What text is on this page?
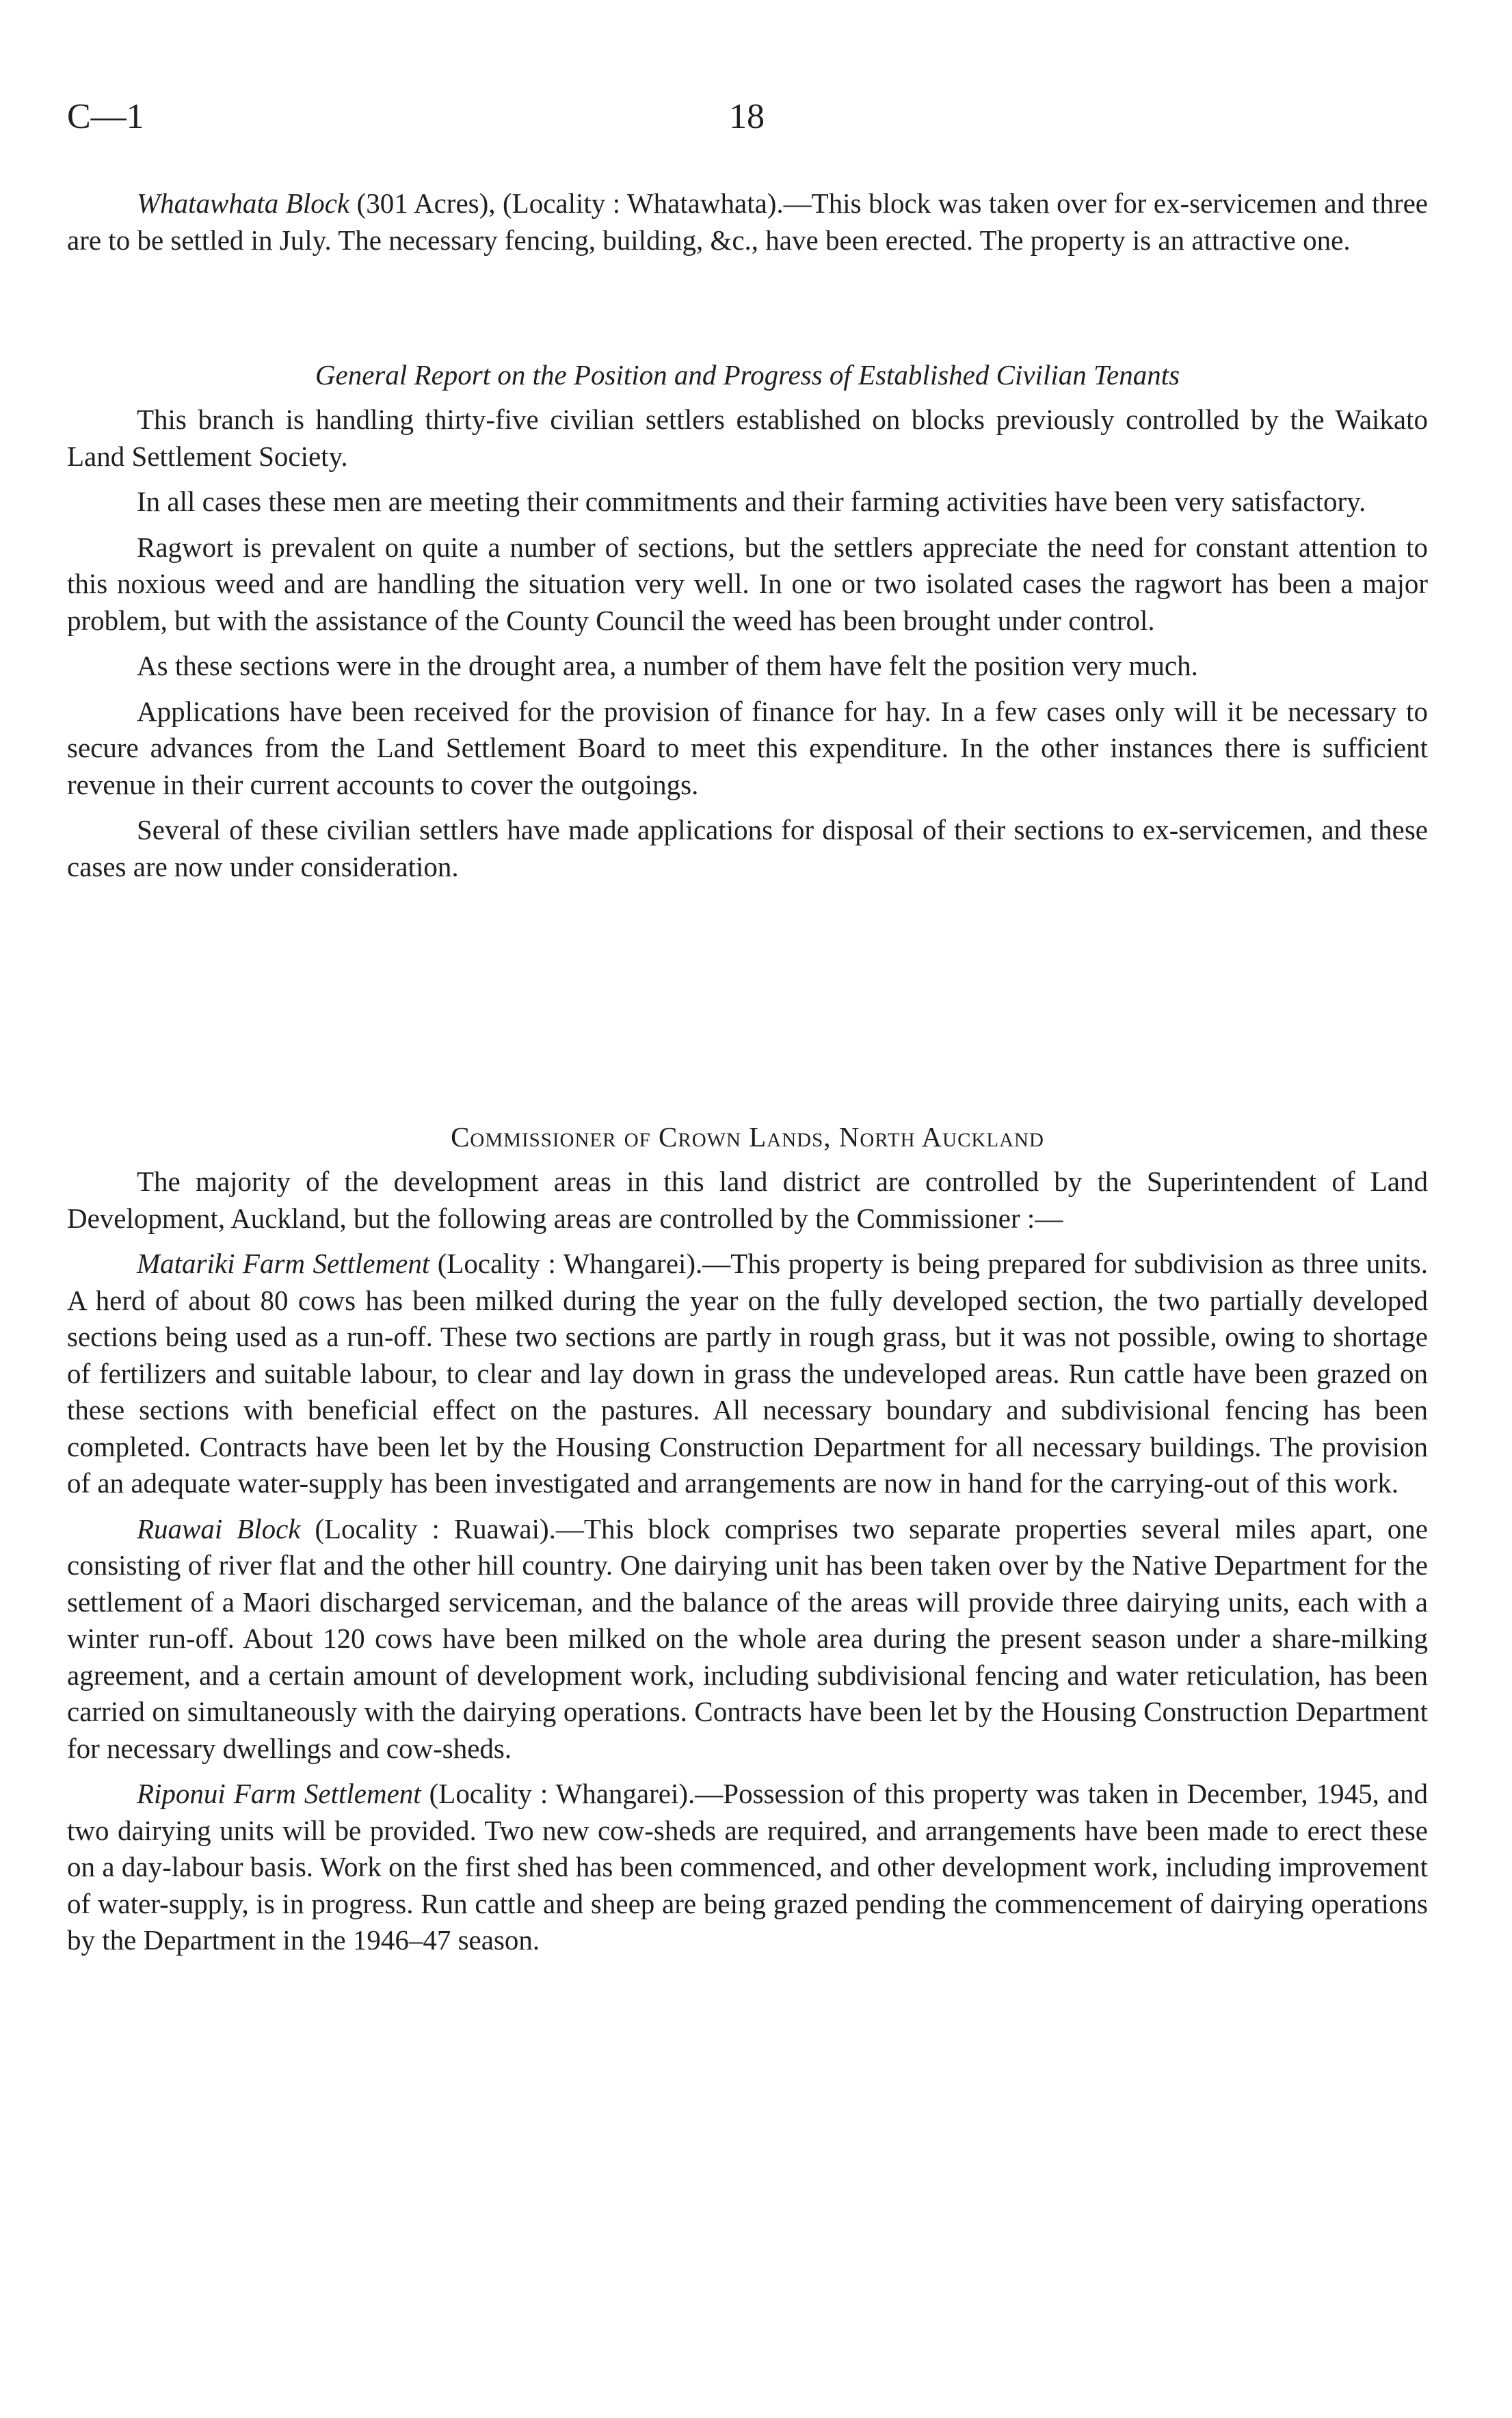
C—1	18

Whatawhata Block (301 Acres), (Locality : Whatawhata).—This block was taken over for ex-servicemen and three are to be settled in July. The necessary fencing, building, &c., have been erected. The property is an attractive one.

General Report on the Position and Progress of Established Civilian Tenants

This branch is handling thirty-five civilian settlers established on blocks previously controlled by the Waikato Land Settlement Society.

In all cases these men are meeting their commitments and their farming activities have been very satisfactory.

Ragwort is prevalent on quite a number of sections, but the settlers appreciate the need for constant attention to this noxious weed and are handling the situation very well. In one or two isolated cases the ragwort has been a major problem, but with the assistance of the County Council the weed has been brought under control.

As these sections were in the drought area, a number of them have felt the position very much.

Applications have been received for the provision of finance for hay. In a few cases only will it be necessary to secure advances from the Land Settlement Board to meet this expenditure. In the other instances there is sufficient revenue in their current accounts to cover the outgoings.

Several of these civilian settlers have made applications for disposal of their sections to ex-servicemen, and these cases are now under consideration.

Commissioner of Crown Lands, North Auckland

The majority of the development areas in this land district are controlled by the Superintendent of Land Development, Auckland, but the following areas are controlled by the Commissioner :—

Matariki Farm Settlement (Locality : Whangarei).—This property is being prepared for subdivision as three units. A herd of about 80 cows has been milked during the year on the fully developed section, the two partially developed sections being used as a run-off. These two sections are partly in rough grass, but it was not possible, owing to shortage of fertilizers and suitable labour, to clear and lay down in grass the undeveloped areas. Run cattle have been grazed on these sections with beneficial effect on the pastures. All necessary boundary and subdivisional fencing has been completed. Contracts have been let by the Housing Construction Department for all necessary buildings. The provision of an adequate water-supply has been investigated and arrangements are now in hand for the carrying-out of this work.

Ruawai Block (Locality : Ruawai).—This block comprises two separate properties several miles apart, one consisting of river flat and the other hill country. One dairying unit has been taken over by the Native Department for the settlement of a Maori discharged serviceman, and the balance of the areas will provide three dairying units, each with a winter run-off. About 120 cows have been milked on the whole area during the present season under a share-milking agreement, and a certain amount of development work, including subdivisional fencing and water reticulation, has been carried on simultaneously with the dairying operations. Contracts have been let by the Housing Construction Department for necessary dwellings and cow-sheds.

Riponui Farm Settlement (Locality : Whangarei).—Possession of this property was taken in December, 1945, and two dairying units will be provided. Two new cow-sheds are required, and arrangements have been made to erect these on a day-labour basis. Work on the first shed has been commenced, and other development work, including improvement of water-supply, is in progress. Run cattle and sheep are being grazed pending the commencement of dairying operations by the Department in the 1946–47 season.
